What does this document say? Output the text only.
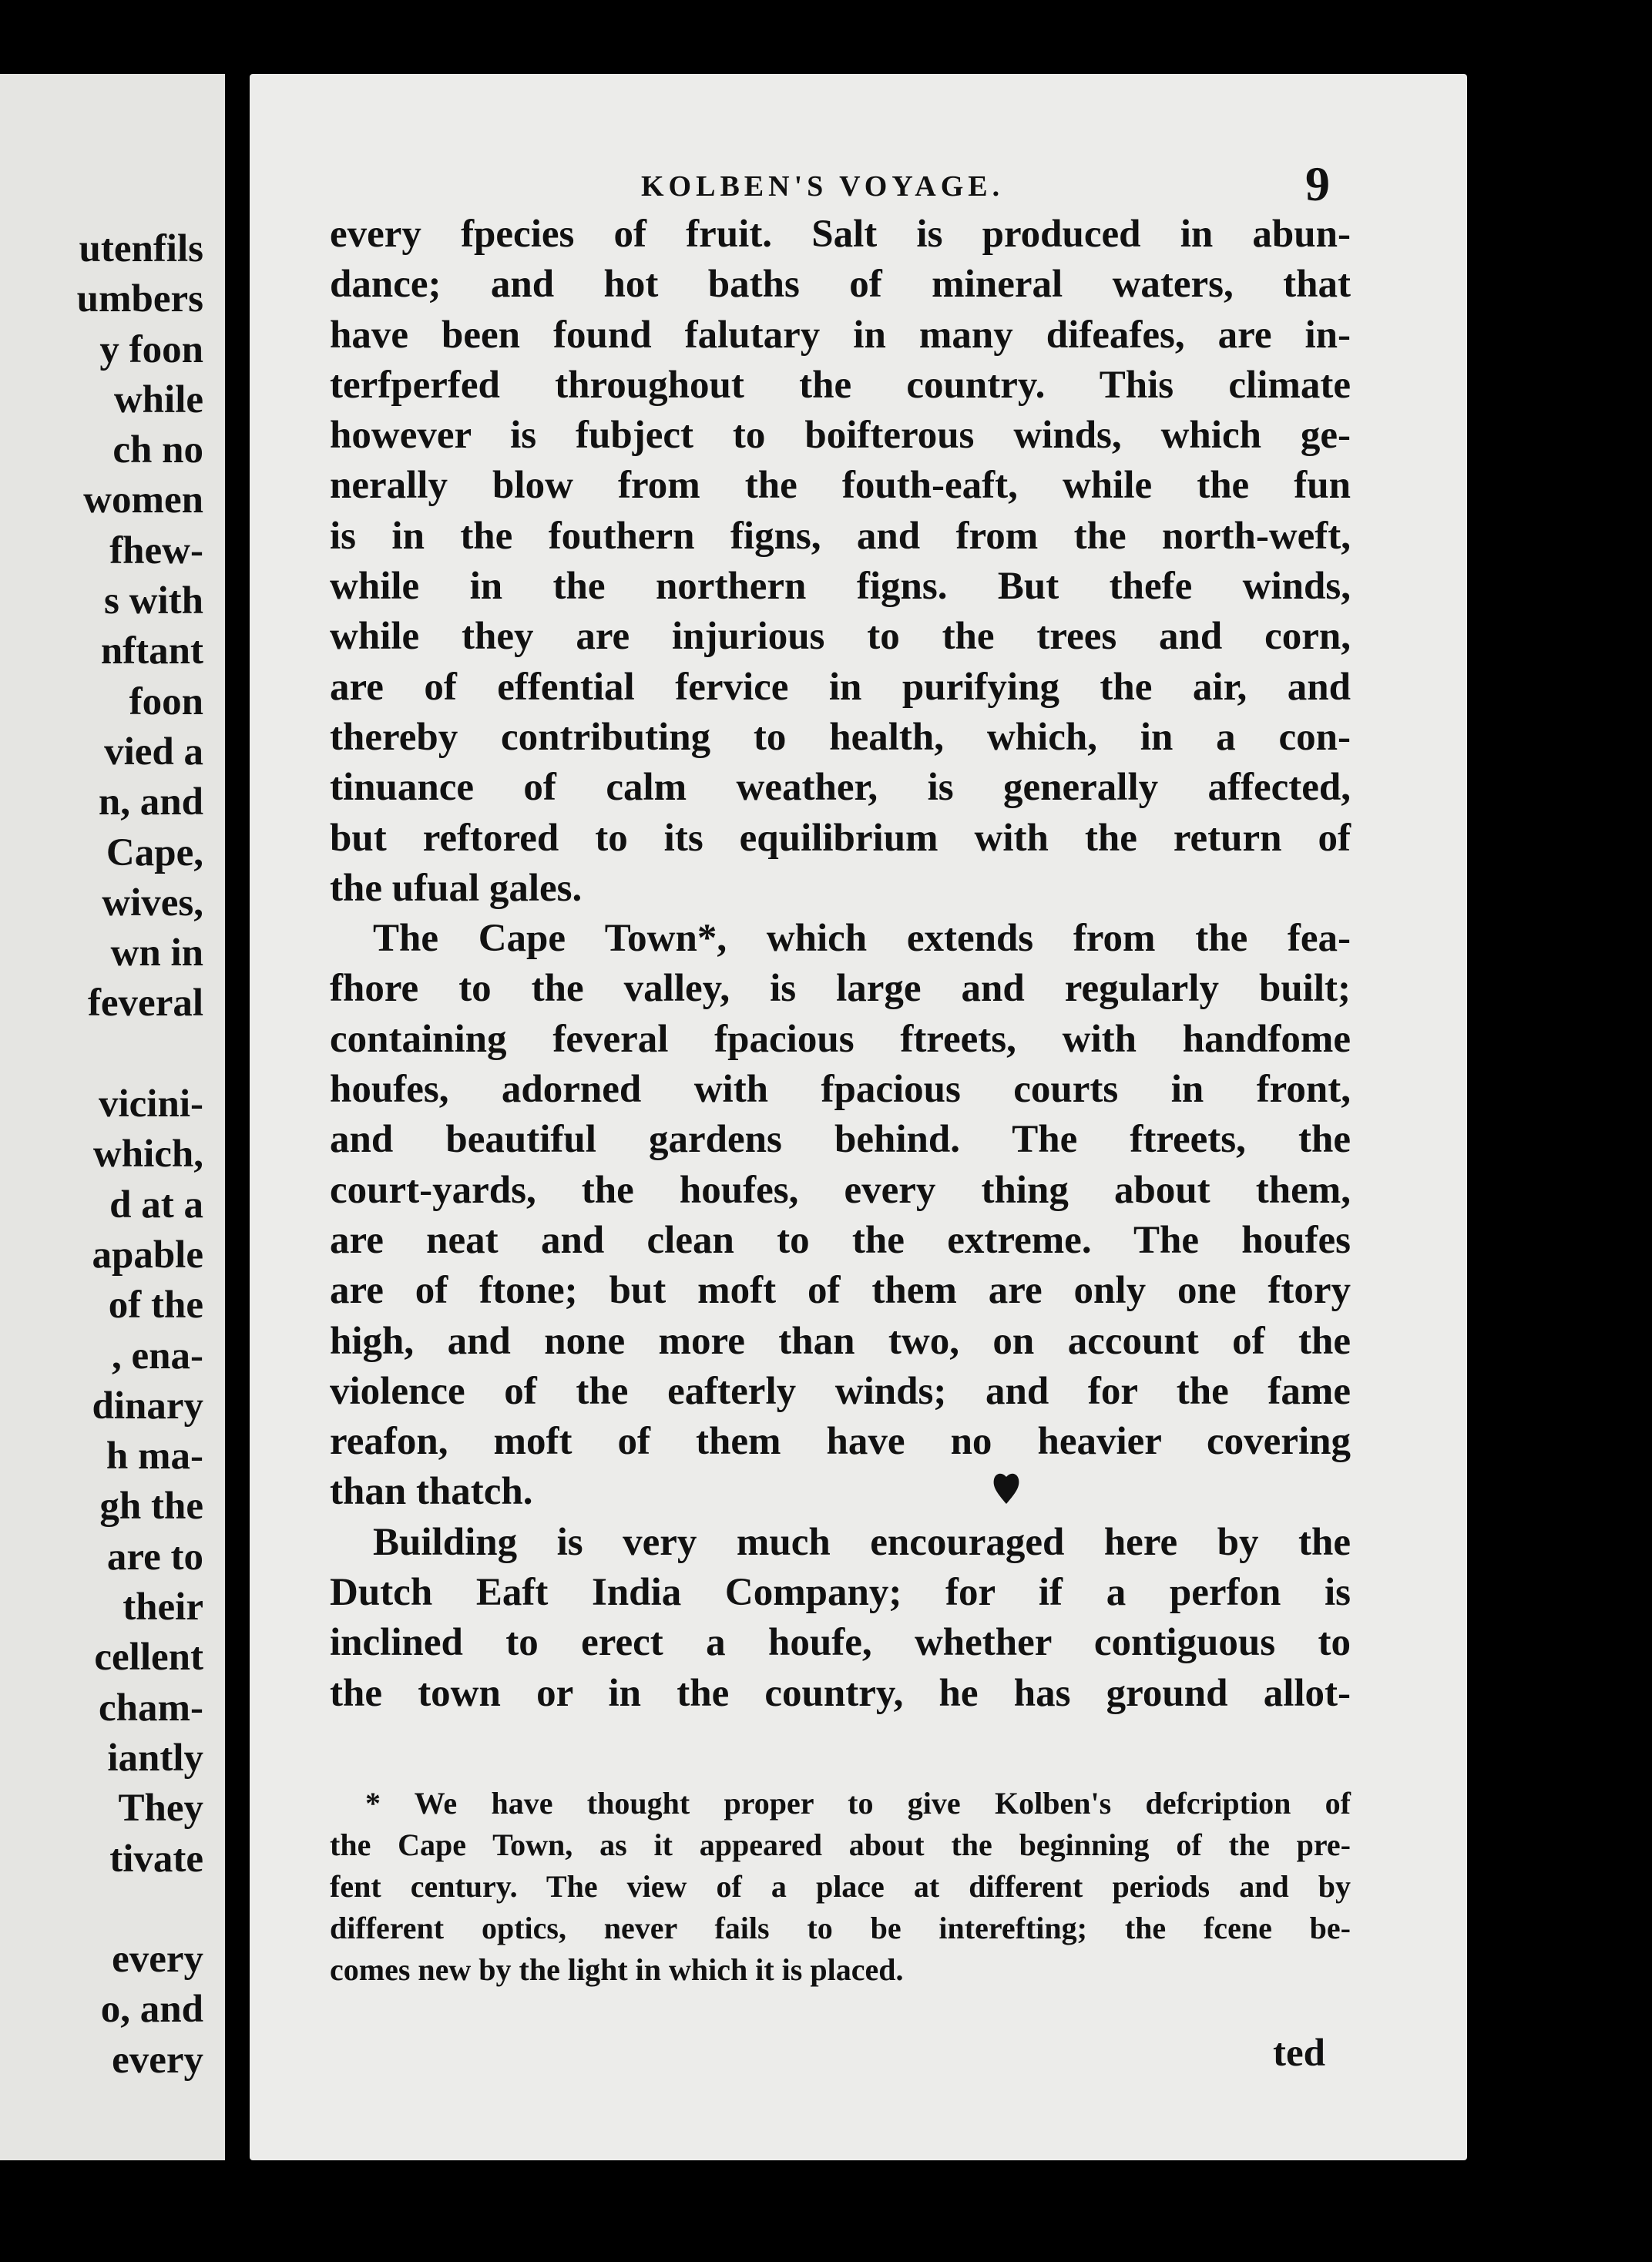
utenfils
umbers
y foon
while
ch no
women
fhew-
s with
nftant
foon
vied a
n, and
Cape,
wives,
wn in
feveral
vicini-
which,
d at a
apable
of the
, ena-
dinary
h ma-
gh the
are to
their
cellent
cham-
iantly
They
tivate
every
o, and
every
KOLBEN'S VOYAGE.	9
every fpecies of fruit. Salt is produced in abun-
dance; and hot baths of mineral waters, that
have been found falutary in many difeafes, are in-
terfperfed throughout the country. This climate
however is fubject to boifterous winds, which ge-
nerally blow from the fouth-eaft, while the fun
is in the fouthern figns, and from the north-weft,
while in the northern figns. But thefe winds,
while they are injurious to the trees and corn,
are of effential fervice in purifying the air, and
thereby contributing to health, which, in a con-
tinuance of calm weather, is generally affected,
but reftored to its equilibrium with the return of
the ufual gales.
The Cape Town*, which extends from the fea-
fhore to the valley, is large and regularly built;
containing feveral fpacious ftreets, with handfome
houfes, adorned with fpacious courts in front,
and beautiful gardens behind. The ftreets, the
court-yards, the houfes, every thing about them,
are neat and clean to the extreme. The houfes
are of ftone; but moft of them are only one ftory
high, and none more than two, on account of the
violence of the eafterly winds; and for the fame
reafon, moft of them have no heavier covering
than thatch.
Building is very much encouraged here by the
Dutch Eaft India Company; for if a perfon is
inclined to erect a houfe, whether contiguous to
the town or in the country, he has ground allot-
* We have thought proper to give Kolben's defcription of
the Cape Town, as it appeared about the beginning of the pre-
fent century. The view of a place at different periods and by
different optics, never fails to be interefting; the fcene be-
comes new by the light in which it is placed.
ted
